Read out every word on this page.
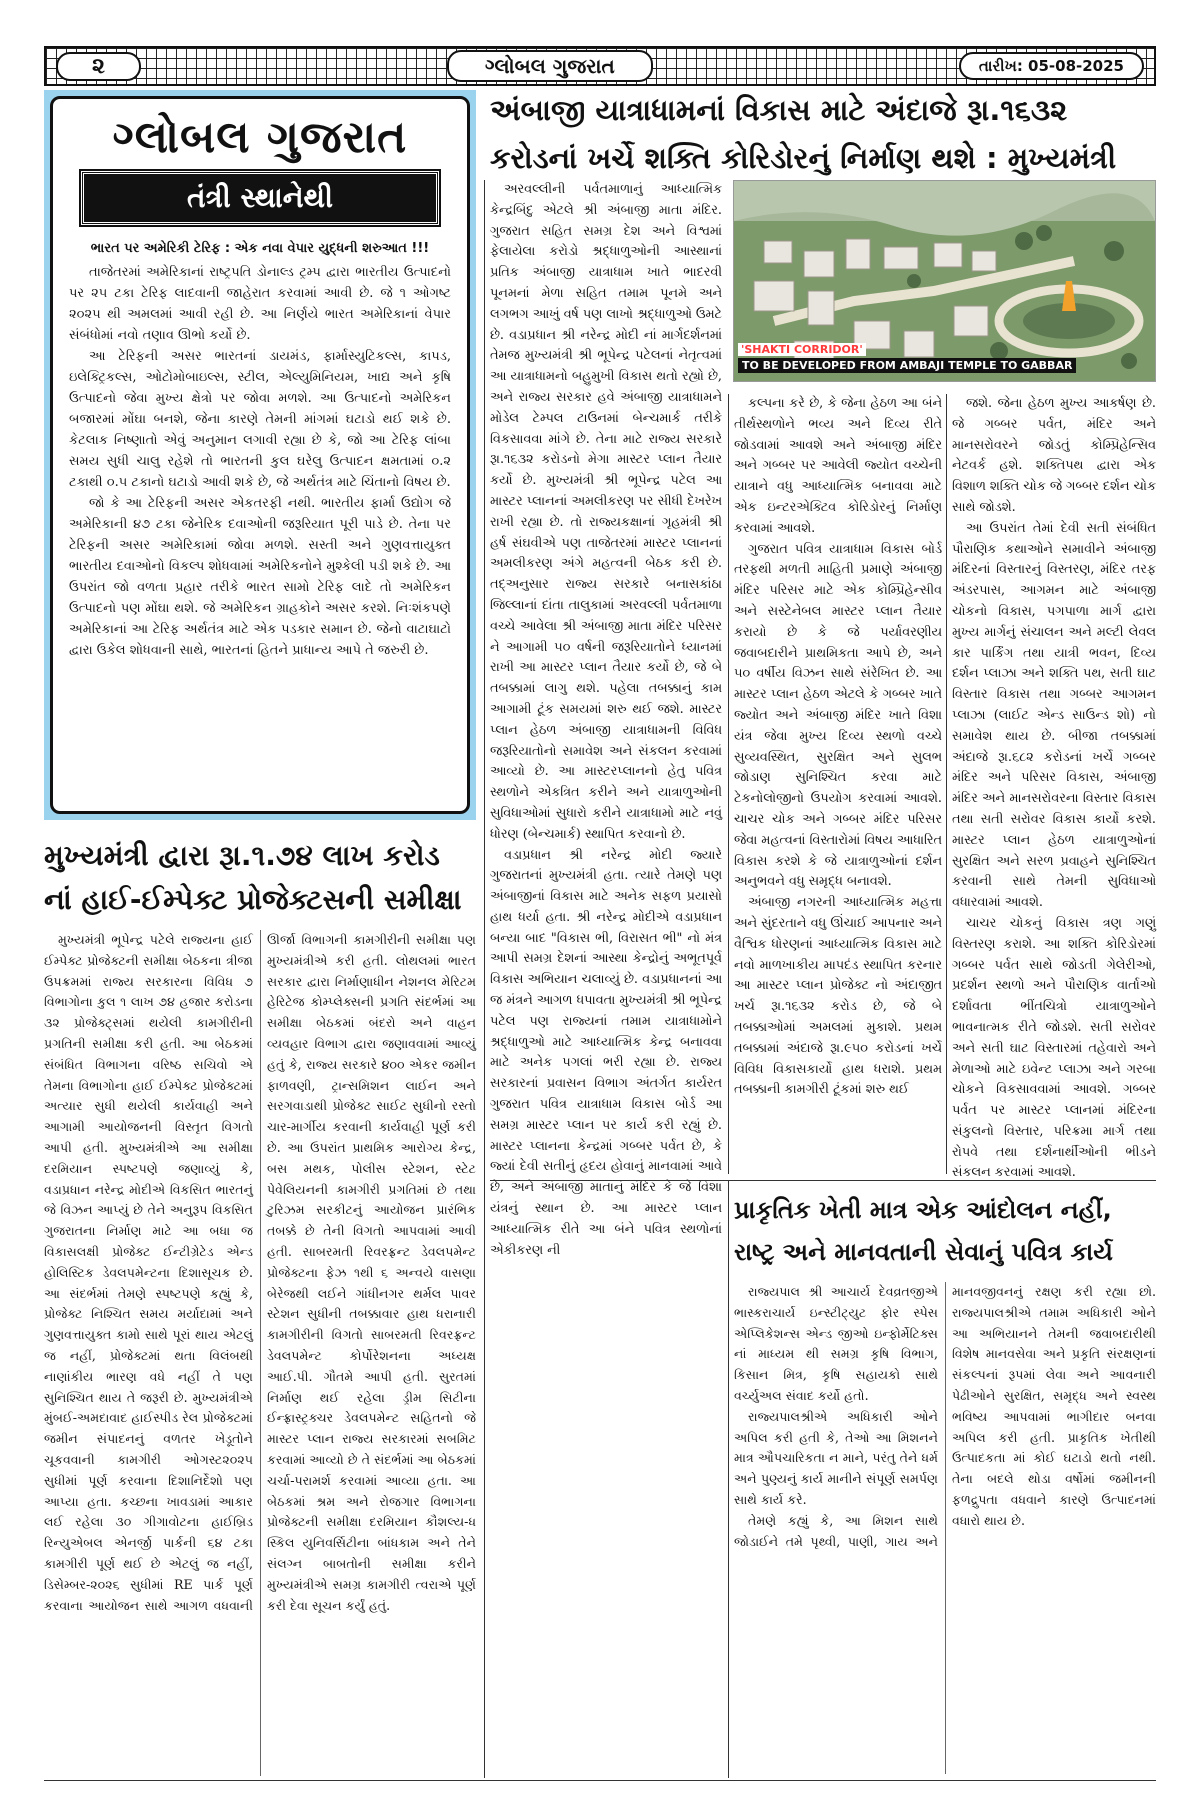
૨	ગ્લોબલ ગુજરાત	તારીખ: 05-08-2025
ગ્લોબલ ગુજરાત
તંત્રી સ્થાનેથી
ભારત પર અમેરિકી ટેરિફ : એક નવા વેપાર યુદ્ધની શરુઆત !!!

તાજેતરમાં અમેરિકાનાં રાષ્ટ્રપતિ ડોનાલ્ડ ટ્રમ્પ દ્વારા ભારતીય ઉત્પાદનો પર ૨૫ ટકા ટેરિફ લાદવાની જાહેરાત કરવામાં આવી છે. જે ૧ ઓગષ્ટ ૨૦૨૫ થી અમલમાં આવી રહી છે. આ નિર્ણયે ભારત અમેરિકાનાં વેપાર સંબંધોમાં નવો તણાવ ઊભો કર્યો છે.

આ ટેરિફની અસર ભારતનાં ડાયમંડ, ફાર્માસ્યુટિકલ્સ, કાપડ, ઇલેક્ટ્રિકલ્સ, ઓટોમોબાઇલ્સ, સ્ટીલ, એલ્યુમિનિયમ, ખાદ્ય અને કૃષિ ઉત્પાદનો જેવા મુખ્ય ક્ષેત્રો પર જોવા મળશે. આ ઉત્પાદનો અમેરિકન બજારમાં મોંઘા બનશે, જેના કારણે તેમની માંગમાં ઘટાડો થઈ શકે છે. કેટલાક નિષ્ણાતો એવું અનુમાન લગાવી રહ્યા છે કે, જો આ ટેરિફ લાંબા સમય સુધી ચાલુ રહેશે તો ભારતની કુલ ઘરેલુ ઉત્પાદન ક્ષમતામાં ૦.૨ ટકાથી ૦.૫ ટકાનો ઘટાડો આવી શકે છે, જે અર્થતંત્ર માટે ચિંતાનો વિષય છે.

જો કે આ ટેરિફની અસર એકતરફી નથી. ભારતીય ફાર્મા ઉદ્યોગ જે અમેરિકાની ૪૭ ટકા જેનેરિક દવાઓની જરૂરિયાત પૂરી પાડે છે. તેના પર ટેરિફની અસર અમેરિકામાં જોવા મળશે. સસ્તી અને ગુણવત્તાયુક્ત ભારતીય દવાઓનો વિકલ્પ શોધવામાં અમેરિકનોને મુશ્કેલી પડી શકે છે. આ ઉપરાંત જો વળતા પ્રહાર તરીકે ભારત સામો ટેરિફ લાદે તો અમેરિકન ઉત્પાદનો પણ મોંઘા થશે. જે અમેરિકન ગ્રાહકોને અસર કરશે. નિઃશંકપણે અમેરિકાનાં આ ટેરિફ અર્થતંત્ર માટે એક પડકાર સમાન છે. જેનો વાટાઘાટો દ્વારા ઉકેલ શોધવાની સાથે, ભારતનાં હિતને પ્રાધાન્ય આપે તે જરુરી છે.

મુખ્યમંત્રી દ્વારા રૂા.૧.૭૪ લાખ કરોડ નાં હાઈ-ઈમ્પેક્ટ પ્રોજેક્ટસની સમીક્ષા

મુખ્યમંત્રી ભૂપેન્દ્ર પટેલે રાજ્યના હાઈ ઈમ્પેક્ટ પ્રોજેક્ટની સમીક્ષા બેઠકના ત્રીજા ઉપક્રમમાં રાજ્ય સરકારના વિવિધ ૭ વિભાગોના કુલ ૧ લાખ ૭૪ હજાર કરોડના ૩૨ પ્રોજેક્ટ્સમાં થયેલી કામગીરીની પ્રગતિની સમીક્ષા કરી હતી. આ બેઠકમાં સંબંધિત વિભાગના વરિષ્ઠ સચિવો એ તેમના વિભાગોના હાઈ ઈમ્પેક્ટ પ્રોજેક્ટમાં અત્યાર સુધી થયેલી કાર્યવાહી અને આગામી આયોજનની વિસ્તૃત વિગતો આપી હતી. મુખ્યમંત્રીએ આ સમીક્ષા દરમિયાન સ્પષ્ટપણે જણાવ્યું કે, વડાપ્રધાન નરેન્દ્ર મોદીએ વિકસિત ભારતનું જે વિઝન આપ્યું છે તેને અનુરૂપ વિકસિત ગુજરાતના નિર્માણ માટે આ બધા જ વિકાસલક્ષી પ્રોજેક્ટ ઈન્ટીગ્રેટેડ એન્ડ હોલિસ્ટિક ડેવલપમેન્ટના દિશાસૂચક છે. આ સંદર્ભમાં તેમણે સ્પષ્ટપણે કહ્યું કે, પ્રોજેક્ટ નિશ્ચિત સમય મર્યાદામાં અને ગુણવત્તાયુક્ત કામો સાથે પૂરાં થાય એટલું જ નહીં, પ્રોજેક્ટમાં થતા વિલંબથી નાણાંકીય ભારણ વધે નહીં તે પણ સુનિશ્ચિત થાય તે જરૂરી છે. મુખ્યમંત્રીએ મુંબઈ-અમદાવાદ હાઈસ્પીડ રેલ પ્રોજેક્ટમાં જમીન સંપાદનનું વળતર ખેડૂતોને ચૂકવવાની કામગીરી ઓગસ્ટ૨૦૨૫ સુધીમાં પૂર્ણ કરવાના દિશાનિર્દેશો પણ આપ્યા હતા. કચ્છના ખાવડામાં આકાર લઈ રહેલા ૩૦ ગીગાવોટના હાઈબ્રિડ રિન્યુએબલ એનર્જી પાર્કની ૬૪ ટકા કામગીરી પૂર્ણ થઈ છે એટલું જ નહીં, ડિસેમ્બર-૨૦૨૬ સુધીમાં RE પાર્ક પૂર્ણ કરવાના આયોજન સાથે આગળ વધવાની ઊર્જા વિભાગની કામગીરીની સમીક્ષા પણ મુખ્યમંત્રીએ કરી હતી. લોથલમાં ભારત સરકાર દ્વારા નિર્માણાધીન નેશનલ મેરિટમ હેરિટેજ કોમ્પ્લેક્સની પ્રગતિ સંદર્ભમાં આ સમીક્ષા બેઠકમાં બંદરો અને વાહન વ્યવહાર વિભાગ દ્વારા જણાવવામાં આવ્યું હતું કે, રાજ્ય સરકારે ૪૦૦ એકર જમીન ફાળવણી, ટ્રાન્સમિશન લાઈન અને સરગવાડાથી પ્રોજેક્ટ સાઈટ સુધીનો રસ્તો ચાર-માર્ગીય કરવાની કાર્યવાહી પૂર્ણ કરી છે. આ ઉપરાંત પ્રાથમિક આરોગ્ય કેન્દ્ર, બસ મથક, પોલીસ સ્ટેશન, સ્ટેટ પેવેલિયનની કામગીરી પ્રગતિમાં છે તથા ટુરિઝમ સરકીટનું આયોજન પ્રારંભિક તબક્કે છે તેની વિગતો આપવામાં આવી હતી. સાબરમતી રિવરફ્રન્ટ ડેવલપમેન્ટ પ્રોજેક્ટના ફેઝ ૧થી ૬ અન્વયે વાસણા બેરેજથી લઈને ગાંધીનગર થર્મલ પાવર સ્ટેશન સુધીની તબક્કાવાર હાથ ધરાનારી કામગીરીની વિગતો સાબરમતી રિવરફ્રન્ટ ડેવલપમેન્ટ કોર્પોરેશનના અધ્યક્ષ આઈ.પી. ગૌતમે આપી હતી. સુરતમાં નિર્માણ થઈ રહેલા ડ્રીમ સિટીના ઈન્ફ્રાસ્ટ્રક્ચર ડેવલપમેન્ટ સહિતનો જે માસ્ટર પ્લાન રાજ્ય સરકારમાં સબમિટ કરવામાં આવ્યો છે તે સંદર્ભમાં આ બેઠકમાં ચર્ચા-પરામર્શ કરવામાં આવ્યા હતા. આ બેઠકમાં શ્રમ અને રોજગાર વિભાગના પ્રોજેક્ટની સમીક્ષા દરમિયાન કૌશલ્ય-ધ સ્કિલ યુનિવર્સિટીના બાંધકામ અને તેને સંલગ્ન બાબતોની સમીક્ષા કરીને મુખ્યમંત્રીએ સમગ્ર કામગીરી ત્વરાએ પૂર્ણ કરી દેવા સૂચન કર્યું હતું.

અંબાજી યાત્રાધામનાં વિકાસ માટે અંદાજે રૂા.૧૬૩૨ કરોડનાં ખર્ચે શક્તિ કોરિડોરનું નિર્માણ થશે : મુખ્યમંત્રી

અરવલ્લીની પર્વતમાળાનું આધ્યાત્મિક કેન્દ્રબિંદુ એટલે શ્રી અંબાજી માતા મંદિર. ગુજરાત સહિત સમગ્ર દેશ અને વિશ્વમાં ફેલાયેલા કરોડો શ્રદ્ધાળુઓની આસ્થાનાં પ્રતિક અંબાજી યાત્રાધામ ખાતે ભાદરવી પૂનમનાં મેળા સહિત તમામ પૂનમે અને લગભગ આખું વર્ષ પણ લાખો શ્રદ્ધાળુઓ ઉમટે છે. વડાપ્રધાન શ્રી નરેન્દ્ર મોદી નાં માર્ગદર્શનમાં તેમજ મુખ્યમંત્રી શ્રી ભૂપેન્દ્ર પટેલનાં નેતૃત્વમાં આ યાત્રાધામનો બહુમુખી વિકાસ થતો રહ્યો છે, અને રાજ્ય સરકાર હવે અંબાજી યાત્રાધામને મોડેલ ટેમ્પલ ટાઉનમાં બેન્ચમાર્ક તરીકે વિકસાવવા માંગે છે. તેના માટે રાજ્ય સરકારે રૂા.૧૬૩૨ કરોડનો મેગા માસ્ટર પ્લાન તૈયાર કર્યો છે. મુખ્યમંત્રી શ્રી ભૂપેન્દ્ર પટેલ આ માસ્ટર પ્લાનનાં અમલીકરણ પર સીધી દેખરેખ રાખી રહ્યા છે. તો રાજ્યકક્ષાનાં ગૃહમંત્રી શ્રી હર્ષ સંઘવીએ પણ તાજેતરમાં માસ્ટર પ્લાનનાં અમલીકરણ અંગે મહત્વની બેઠક કરી છે. તદ્અનુસાર રાજ્ય સરકારે બનાસકાંઠા જિલ્લાનાં દાંતા તાલુકામાં અરવલ્લી પર્વતમાળા વચ્ચે આવેલા શ્રી અંબાજી માતા મંદિર પરિસર ને આગામી ૫૦ વર્ષની જરૂરિયાતોને ધ્યાનમાં રાખી આ માસ્ટર પ્લાન તૈયાર કર્યો છે, જે બે તબક્કામાં લાગુ થશે. પહેલા તબક્કાનું કામ આગામી ટૂંક સમયમાં શરુ થઈ જશે. માસ્ટર પ્લાન હેઠળ અંબાજી યાત્રાધામની વિવિધ જરૂરિયાતોનો સમાવેશ અને સંકલન કરવામાં આવ્યો છે. આ માસ્ટરપ્લાનનો હેતુ પવિત્ર સ્થળોને એકત્રિત કરીને અને યાત્રાળુઓની સુવિધાઓમાં સુધારો કરીને યાત્રાધામો માટે નવું ધોરણ (બેન્ચમાર્ક) સ્થાપિત કરવાનો છે.

વડાપ્રધાન શ્રી નરેન્દ્ર મોદી જ્યારે ગુજરાતનાં મુખ્યમંત્રી હતા. ત્યારે તેમણે પણ અંબાજીનાં વિકાસ માટે અનેક સફળ પ્રયાસો હાથ ધર્યા હતા. શ્રી નરેન્દ્ર મોદીએ વડાપ્રધાન બન્યા બાદ "વિકાસ ભી, વિરાસત ભી" નો મંત્ર આપી સમગ્ર દેશનાં આસ્થા કેન્દ્રોનું અભૂતપૂર્વ વિકાસ અભિયાન ચલાવ્યું છે. વડાપ્રધાનનાં આ જ મંત્રને આગળ ધપાવતા મુખ્યમંત્રી શ્રી ભૂપેન્દ્ર પટેલ પણ રાજ્યનાં તમામ યાત્રાધામોને શ્રદ્ધાળુઓ માટે આધ્યાત્મિક કેન્દ્ર બનાવવા માટે અનેક પગલાં ભરી રહ્યા છે. રાજ્ય સરકારનાં પ્રવાસન વિભાગ અંતર્ગત કાર્યરત ગુજરાત પવિત્ર યાત્રાધામ વિકાસ બોર્ડ આ સમગ્ર માસ્ટર પ્લાન પર કાર્ય કરી રહ્યું છે. માસ્ટર પ્લાનના કેન્દ્રમાં ગબ્બર પર્વત છે, કે જ્યાં દેવી સતીનું હૃદય હોવાનું માનવામાં આવે છે, અને અંબાજી માતાનું મંદિર કે જે વિશા યંત્રનું સ્થાન છે. આ માસ્ટર પ્લાન આધ્યાત્મિક રીતે આ બંને પવિત્ર સ્થળોનાં એકીકરણ ની

કલ્પના કરે છે, કે જેના હેઠળ આ બંને તીર્થસ્થળોને ભવ્ય અને દિવ્ય રીતે જોડવામાં આવશે અને અંબાજી મંદિર અને ગબ્બર પર આવેલી જ્યોત વચ્ચેની યાત્રાને વધુ આધ્યાત્મિક બનાવવા માટે એક ઇન્ટરએક્ટિવ કોરિડોરનું નિર્માણ કરવામાં આવશે.

ગુજરાત પવિત્ર યાત્રાધામ વિકાસ બોર્ડ તરફથી મળતી માહિતી પ્રમાણે અંબાજી મંદિર પરિસર માટે એક કોમ્પ્રિહેન્સીવ અને સસ્ટેનેબલ માસ્ટર પ્લાન તૈયાર કરાયો છે કે જે પર્યાવરણીય જવાબદારીને પ્રાથમિકતા આપે છે, અને ૫૦ વર્ષીય વિઝન સાથે સંરેખિત છે. આ માસ્ટર પ્લાન હેઠળ એટલે કે ગબ્બર ખાતે જ્યોત અને અંબાજી મંદિર ખાતે વિશા યંત્ર જેવા મુખ્ય દિવ્ય સ્થળો વચ્ચે સુવ્યવસ્થિત, સુરક્ષિત અને સુલભ જોડાણ સુનિશ્ચિત કરવા માટે ટેકનોલોજીનો ઉપયોગ કરવામાં આવશે. ચાચર ચોક અને ગબ્બર મંદિર પરિસર જેવા મહત્વનાં વિસ્તારોમાં વિષય આધારિત વિકાસ કરશે કે જે યાત્રાળુઓનાં દર્શન અનુભવને વધુ સમૃદ્ધ બનાવશે.

અંબાજી નગરની આધ્યાત્મિક મહત્તા અને સુંદરતાને વધુ ઊંચાઈ આપનાર અને વૈશ્વિક ધોરણનાં આધ્યાત્મિક વિકાસ માટે નવો માળખાકીય માપદંડ સ્થાપિત કરનાર આ માસ્ટર પ્લાન પ્રોજેક્ટ નો અંદાજીત ખર્ચ રૂા.૧૬૩૨ કરોડ છે, જે બે તબક્કાઓમાં અમલમાં મુકાશે. પ્રથમ તબક્કામાં અંદાજે રૂા.૯૫૦ કરોડનાં ખર્ચે વિવિધ વિકાસકાર્યો હાથ ધરાશે. પ્રથમ તબક્કાની કામગીરી ટૂંકમાં શરુ થઈ

જશે. જેના હેઠળ મુખ્ય આકર્ષણ છે. જે ગબ્બર પર્વત, મંદિર અને માનસરોવરને જોડતું કોમ્પ્રિહેન્સિવ નેટવર્ક હશે. શક્તિપથ દ્વારા એક વિશાળ શક્તિ ચોક જે ગબ્બર દર્શન ચોક સાથે જોડશે.

આ ઉપરાંત તેમાં દેવી સતી સંબંધિત પૌરાણિક કથાઓને સમાવીને અંબાજી મંદિરનાં વિસ્તારનું વિસ્તરણ, મંદિર તરફ અંડરપાસ, આગમન માટે અંબાજી ચોકનો વિકાસ, પગપાળા માર્ગ દ્વારા મુખ્ય માર્ગનું સંચાલન અને મલ્ટી લેવલ કાર પાર્કિંગ તથા યાત્રી ભવન, દિવ્ય દર્શન પ્લાઝા અને શક્તિ પથ, સતી ઘાટ વિસ્તાર વિકાસ તથા ગબ્બર આગમન પ્લાઝા (લાઈટ એન્ડ સાઉન્ડ શો) નો સમાવેશ થાય છે. બીજા તબક્કામાં અંદાજે રૂા.૬૮૨ કરોડનાં ખર્ચે ગબ્બર મંદિર અને પરિસર વિકાસ, અંબાજી મંદિર અને માનસરોવરના વિસ્તાર વિકાસ તથા સતી સરોવર વિકાસ કાર્યો કરશે. માસ્ટર પ્લાન હેઠળ યાત્રાળુઓનાં સુરક્ષિત અને સરળ પ્રવાહને સુનિશ્ચિત કરવાની સાથે તેમની સુવિધાઓ વધારવામાં આવશે.

ચાચર ચોકનું વિકાસ ત્રણ ગણું વિસ્તરણ કરાશે. આ શક્તિ કોરિડોરમાં ગબ્બર પર્વત સાથે જોડતી ગેલેરીઓ, પ્રદર્શન સ્થળો અને પૌરાણિક વાર્તાઓ દર્શાવતા ભીંતચિત્રો યાત્રાળુઓને ભાવનાત્મક રીતે જોડશે. સતી સરોવર અને સતી ઘાટ વિસ્તારમાં તહેવારો અને મેળાઓ માટે ઇવેન્ટ પ્લાઝા અને ગરબા ચોકને વિકસાવવામાં આવશે. ગબ્બર પર્વત પર માસ્ટર પ્લાનમાં મંદિરના સંકુલનો વિસ્તાર, પરિક્રમા માર્ગ તથા રોપવે તથા દર્શનાર્થીઓની ભીડને સંકલન કરવામાં આવશે.

'SHAKTI CORRIDOR'
TO BE DEVELOPED FROM AMBAJI TEMPLE TO GABBAR
પ્રાકૃતિક ખેતી માત્ર એક આંદોલન નહીં, રાષ્ટ્ર અને માનવતાની સેવાનું પવિત્ર કાર્ય

રાજ્યપાલ શ્રી આચાર્ય દેવવ્રતજીએ ભાસ્કરાચાર્ય ઇન્સ્ટીટ્યુટ ફોર સ્પેસ એપ્લિકેશન્સ એન્ડ જીઓ ઇન્ફોર્મેટિક્સ નાં માધ્યમ થી સમગ્ર કૃષિ વિભાગ, કિસાન મિત્ર, કૃષિ સહાયકો સાથે વર્ચ્યુઅલ સંવાદ કર્યો હતો.

રાજ્યપાલશ્રીએ અધિકારી ઓને અપિલ કરી હતી કે, તેઓ આ મિશનને માત્ર ઔપચારિકતા ન માને, પરંતુ તેને ધર્મ અને પુણ્યનું કાર્ય માનીને સંપૂર્ણ સમર્પણ સાથે કાર્ય કરે.

તેમણે કહ્યું કે, આ મિશન સાથે જોડાઈને તમે પૃથ્વી, પાણી, ગાય અને માનવજીવનનું રક્ષણ કરી રહ્યા છો. રાજ્યપાલશ્રીએ તમામ અધિકારી ઓને આ અભિયાનને તેમની જવાબદારીથી વિશેષ માનવસેવા અને પ્રકૃતિ સંરક્ષણનાં સંકલ્પનાં રૂપમાં લેવા અને આવનારી પેઢીઓને સુરક્ષિત, સમૃદ્ધ અને સ્વસ્થ ભવિષ્ય આપવામાં ભાગીદાર બનવા અપિલ કરી હતી. પ્રાકૃતિક ખેતીથી ઉત્પાદકતા માં કોઈ ઘટાડો થતો નથી. તેના બદલે થોડા વર્ષોમાં જમીનની ફળદ્રુપતા વધવાને કારણે ઉત્પાદનમાં વધારો થાય છે.
